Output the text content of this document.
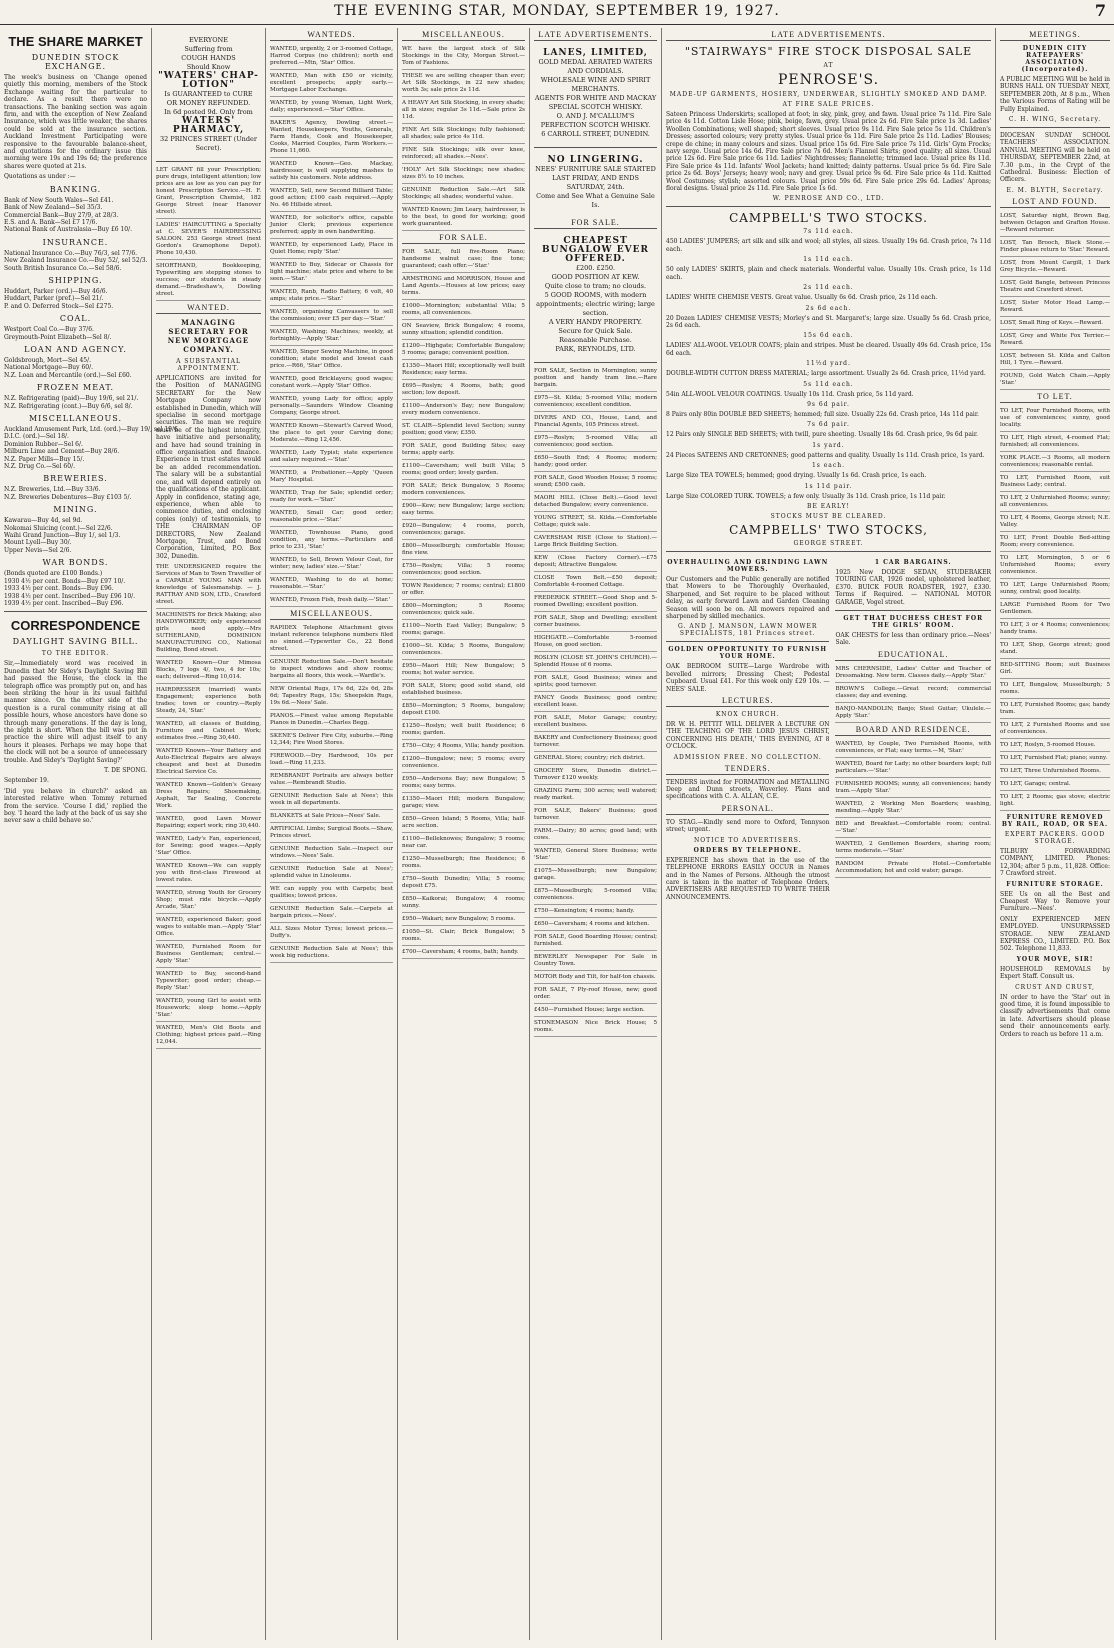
THE EVENING STAR, MONDAY, SEPTEMBER 19, 1927.	7
THE SHARE MARKET
DUNEDIN STOCK EXCHANGE.
The week's business on 'Change opened quietly this morning, members of the Stock Exchange waiting for the particular to declare. As a result there were no transactions. The banking section was again firm, and with the exception of New Zealand Insurance, which was little weaker, the shares could be sold at the insurance section. Auckland Investment Participating were responsive to the favourable balance-sheet, and quotations for the ordinary issue this morning were 19s and 19s 6d; the preference shares were quoted at 21s.
Quotations as under :—
BANKING.
Bank of New South Wales—Sel £41.
Bank of New Zealand—Sel 35/3.
Commercial Bank—Buy 27/9, at 28/3.
E.S. and A. Bank—Sel £7 17/6.
National Bank of Australasia—Buy £6 10/.
INSURANCE.
National Insurance Co.—Buy 76/3, sel 77/6.
New Zealand Insurance Co.—Buy 52/, sel 52/3.
South British Insurance Co.—Sel 58/6.
SHIPPING.
Huddart, Parker (ord.)—Buy 46/6.
Huddart, Parker (pref.)—Sel 21/.
P. and O. Deferred Stock—Sel £275.
COAL.
Westport Coal Co.—Buy 37/6.
Greymouth-Point Elizabeth—Sel 8/.
LOAN AND AGENCY.
Goldsbrough, Mort—Sel 45/.
National Mortgage—Buy 60/.
N.Z. Loan and Mercantile (ord.)—Sel £60.
FROZEN MEAT.
N.Z. Refrigerating (paid)—Buy 19/6, sel 21/.
N.Z. Refrigerating (cont.)—Buy 6/6, sel 8/.
MISCELLANEOUS.
Auckland Amusement Park, Ltd. (ord.)—Buy 19/, sel 19/6.
D.I.C. (ord.)—Sel 18/.
Dominion Rubber—Sel 6/.
Milburn Lime and Cement—Buy 28/6.
N.Z. Paper Mills—Buy 15/.
N.Z. Drug Co.—Sel 60/.
BREWERIES.
N.Z. Breweries, Ltd.—Buy 33/6.
N.Z. Breweries Debentures—Buy £103 5/.
MINING.
Kawarau—Buy 4d, sel 9d.
Nokomai Sluicing (cont.)—Sel 22/6.
Waihi Grand Junction—Buy 1/, sel 1/3.
Mount Lyell—Buy 30/.
Upper Nevis—Sel 2/6.
WAR BONDS.
(Bonds quoted are £100 Bonds.)
1930 4½ per cent. Bonds—Buy £97 10/.
1933 4½ per cent. Bonds—Buy £96.
1938 4½ per cent. Inscribed—Buy £96 10/.
1939 4½ per cent. Inscribed—Buy £96.
CORRESPONDENCE
DAYLIGHT SAVING BILL.
TO THE EDITOR.
Sir,—Immediately word was received in Dunedin that Mr Sidey's Daylight Saving Bill had passed the House, the clock in the telegraph office was promptly put on, and has been striking the hour in its usual faithful manner since. On the other side of the question is a rural community rising at all possible hours, whose ancestors have done so through many generations. If the day is long, the night is short. When the bill was put in practice the shire will adjust itself to any hours it pleases. Perhaps we may hope that the clock will not be a source of unnecessary trouble. And Sidey's 'Daylight Saving?'
T. DE SPONG.
September 19.
'Did you behave in church?' asked an interested relative when Tommy returned from the service. 'Course I did,' replied the boy. 'I heard the lady at the back of us say she never saw a child behave so.'
EVERYONE
Suffering from
COUGH HANDS
Should Know
"WATERS' CHAP-LOTION"
Is GUARANTEED to CURE
OR MONEY REFUNDED.
In 6d posted 9d. Only from
WATERS' PHARMACY,
32 PRINCES STREET (Under Secret).
LET GRANT fill your Prescription; pure drugs, intelligent attention; low prices are as low as you can pay for honest Prescription Service.—H. F. Grant, Prescription Chemist, 182 George Street (near Hanover street).
LADIES' HAIRCUTTING a Specialty at C. SEVER'S HAIRDRESSING SALOON. 253 George street (next Gordon's Gramophone Depot). Phone 10,430.
SHORTHAND, Bookkeeping, Typewriting are stepping stones to success; our students in steady demand.—Bradeshaw's, Dowling street.
WANTED.
MANAGING SECRETARY FOR NEW MORTGAGE COMPANY.
A SUBSTANTIAL APPOINTMENT.
APPLICATIONS are invited for the Position of MANAGING SECRETARY for the New Mortgage Company now established in Dunedin, which will specialise in second mortgage securities. The man we require must be of the highest integrity, have initiative and personality, and have had sound training in office organisation and finance. Experience in trust estates would be an added recommendation. The salary will be a substantial one, and will depend entirely on the qualifications of the applicant. Apply in confidence, stating age, experience, when able to commence duties, and enclosing copies (only) of testimonials, to THE CHAIRMAN OF DIRECTORS, New Zealand Mortgage, Trust, and Bond Corporation, Limited, P.O. Box 302, Dunedin.
THE UNDERSIGNED require the Services of Man to Town Traveller of a CAPABLE YOUNG MAN with knowledge of Salesmanship. — J. RATTRAY AND SON, LTD., Crawford street.
MACHINISTS for Brick Making; also HANDYWORKER; only experienced girls need apply.—Mrs SUTHERLAND, DOMINION MANUFACTURING CO., National Building, Bond street.
WANTED Known—Our Mimosa Blocks, 7 logs 4/, two, 4 for 10s; each; delivered—Ring 10,014.
HAIRDRESSER (married) wants Engagement; experience both trades; town or country.—Reply Steady, 24, 'Star.'
WANTED, all classes of Building, Furniture and Cabinet Work; estimates free.—Ring 30,440.
WANTED Known—Your Battery and Auto-Electrical Repairs are always cheapest and best at Dunedin Electrical Service Co.
WANTED Known—Golden's Greasy Dress Repairs; Shoemaking, Asphalt, Tar Sealing, Concrete Work.
WANTED, good Lawn Mower Repairing; expert work; ring 30,440.
WANTED, Lady's Fan, experienced, for Sewing; good wages.—Apply 'Star' Office.
WANTED Known—We can supply you with first-class Firewood at lowest rates.
WANTED, strong Youth for Grocery Shop; must ride bicycle.—Apply Arcade, 'Star.'
WANTED, experienced Baker; good wages to suitable man.—Apply 'Star' Office.
WANTED, Furnished Room for Business Gentleman; central.—Apply 'Star.'
WANTED to Buy, second-hand Typewriter; good order; cheap.—Reply 'Star.'
WANTED, young Girl to assist with Housework; sleep home.—Apply 'Star.'
WANTED, Men's Old Boots and Clothing; highest prices paid.—Ring 12,044.
WANTEDS.
WANTED, urgently, 2 or 3-roomed Cottage, Harrod Corpus (no children); north end preferred.—Mtn, 'Star' Office.
WANTED, Man with £50 or vicinity, excellent prospects; apply early.—Mortgage Labor Exchange.
WANTED, by young Woman, Light Work, daily; experienced.—'Star' Office.
BAKER'S Agency, Dowling street.—Wanted, Housekeepers, Youths, Generals, Farm Hands, Cook and Housekeeper, Cooks, Married Couples, Farm Workers.—Phone 11,660.
WANTED Known—Geo. Mackay, hairdresser, is well supplying mashes to satisfy his customers. Note address.
WANTED, Sell, new Second Billiard Table; good action; £100 cash required.—Apply No. 46 Hillside street.
WANTED, for solicitor's office, capable Junior Clerk; previous experience preferred; apply in own handwriting.
WANTED, by experienced Lady, Place in Quiet Home; reply 'Star.'
WANTED to Buy, Sidecar or Chassis for light machine; state price and where to be seen.—'Star.'
WANTED, Ranb, Radio Battery, 6 volt, 40 amps; state price.—'Star.'
WANTED, organising Canvassers to sell the commission; over £5 per day.—'Star.'
WANTED, Washing; Machines; weekly, at fortnightly.—Apply 'Star.'
WANTED, Singer Sewing Machine, in good condition; state model and lowest cash price.—R66, 'Star' Office.
WANTED, good Bricklayers; good wages; constant work.—Apply 'Star' Office.
WANTED, young Lady for office; apply personally.—Saunders Window Cleaning Company, George street.
WANTED Known—Stewart's Carved Wood, the place to get your Carving done; Moderate.—Ring 12,456.
WANTED, Lady Typist; state experience and salary required.—'Star.'
WANTED, a Probationer.—Apply 'Queen Mary' Hospital.
WANTED, Trap for Sale; splendid order; ready for work.—'Star.'
WANTED, Small Car; good order; reasonable price.—'Star.'
WANTED, Townhouse Piano, good condition, any terms.—Particulars and price to 231, 'Star.'
WANTED, to Sell, Brown Velour Coat, for winter; new, ladies' size.—'Star.'
WANTED, Washing to do at home; reasonable.—'Star.'
WANTED, Frozen Fish, fresh daily.—'Star.'
MISCELLANEOUS.
RAPIDEX Telephone Attachment gives instant reference telephone numbers filed no sinned.—Typewriter Co., 22 Bond street.
GENUINE Reduction Sale.—Don't hesitate to inspect windows and show rooms; bargains all floors, this week.—Wardle's.
NEW Oriental Rugs, 17s 6d, 22s 6d, 28s 6d; Tapestry Rugs, 15s; Sheepskin Rugs, 19s 6d.—Nees' Sale.
PIANOS.—Finest value among Reputable Pianos in Dunedin.—Charles Begg.
SKENE'S Deliver Fire City, suburbs.—Ring 12,344; Fire Wood Stores.
FIREWOOD.—Dry Hardwood, 10s per load.—Ring 11,233.
REMBRANDT Portraits are always better value.—Rembrandt Studio.
GENUINE Reduction Sale at Nees'; this week in all departments.
BLANKETS at Sale Prices—Nees' Sale.
ARTIFICIAL Limbs; Surgical Boots.—Shaw, Princes street.
GENUINE Reduction Sale.—Inspect our windows.—Nees' Sale.
GENUINE Reduction Sale at Nees'; splendid value in Linoleums.
WE can supply you with Carpets; best qualities; lowest prices.
GENUINE Reduction Sale.—Carpets at bargain prices.—Nees'.
ALL Sizes Motor Tyres; lowest prices.—Duffy's.
GENUINE Reduction Sale at Nees'; this week big reductions.
MISCELLANEOUS.
WE have the largest stock of Silk Stockings in the City, Morgan Street.—Tom of Fashions.
THESE we are selling cheaper than ever; Art Silk Stockings, in 22 new shades; worth 3s; sale price 2s 11d.
A HEAVY Art Silk Stocking, in every shade; all in sizes; regular 3s 11d.—Sale price 2s 11d.
FINE Art Silk Stockings; fully fashioned; all shades; sale price 4s 11d.
FINE Silk Stockings; silk over knee, reinforced; all shades.—Nees'.
'HOLY' Art Silk Stockings; new shades; sizes 8½ to 10 inches.
GENUINE Reduction Sale.—Art Silk Stockings; all shades; wonderful value.
WANTED Known; Jim Leary, hairdresser, is to the best, to good for working; good work guaranteed.
FOR SALE.
FOR SALE, full five-Room Piano; handsome walnut case; fine tone; guaranteed; cash offer.—'Star.'
ARMSTRONG and MORRISON, House and Land Agents.—Houses at low prices; easy terms.
£1000—Mornington; substantial Villa; 5 rooms, all conveniences.
ON Seaview, Brick Bungalow; 4 rooms, sunny situation; splendid condition.
£1200—Highgate; Comfortable Bungalow; 5 rooms; garage; convenient position.
£1350—Maori Hill; exceptionally well built Residence; easy terms.
£695—Roslyn; 4 Rooms, bath; good section; low deposit.
£1100—Anderson's Bay; new Bungalow; every modern convenience.
ST. CLAIR—Splendid level Section; sunny position; good view; £350.
FOR SALE, good Building Sites; easy terms; apply early.
£1100—Caversham; well built Villa; 5 rooms; good order; lovely garden.
FOR SALE; Brick Bungalow, 5 Rooms; modern conveniences.
£900—Kew; new Bungalow; large section; easy terms.
£920—Bungalow; 4 rooms, porch, conveniences; garage.
£800—Musselburgh; comfortable House; fine view.
£750—Roslyn; Villa; 5 rooms; conveniences; good section.
TOWN Residence; 7 rooms; central; £1800 or offer.
£800—Mornington; 5 Rooms; conveniences; quick sale.
£1100—North East Valley; Bungalow; 5 rooms; garage.
£1000—St. Kilda; 5 Rooms, Bungalow; conveniences.
£950—Maori Hill; New Bungalow; 5 rooms; hot water service.
FOR SALE, Store; good solid stand, old established business.
£850—Mornington; 5 Rooms, bungalow; deposit £100.
£1250—Roslyn; well built Residence; 6 rooms; garden.
£750—City; 4 Rooms, Villa; handy position.
£1200—Bungalow; new; 5 rooms; every convenience.
£950—Andersons Bay; new Bungalow; 5 rooms; easy terms.
£1350—Maori Hill; modern Bungalow; garage; view.
£850—Green Island; 5 Rooms, Villa; half-acre section.
£1100—Belleknowes; Bungalow; 5 rooms; near car.
£1250—Musselburgh; fine Residence; 6 rooms.
£750—South Dunedin; Villa; 5 rooms; deposit £75.
£850—Kaikorai; Bungalow; 4 rooms; sunny.
£950—Wakari; new Bungalow; 5 rooms.
£1050—St. Clair; Brick Bungalow; 5 rooms.
£700—Caversham; 4 rooms, bath; handy.
LATE ADVERTISEMENTS.
LANES, LIMITED,
GOLD MEDAL AERATED WATERS AND CORDIALS.
WHOLESALE WINE AND SPIRIT MERCHANTS.
AGENTS FOR WHITE AND MACKAY SPECIAL SCOTCH WHISKY.
O. AND J. M'CALLUM'S PERFECTION SCOTCH WHISKY.
6 CARROLL STREET, DUNEDIN.
NO LINGERING.
NEES' FURNITURE SALE STARTED LAST FRIDAY, AND ENDS SATURDAY, 24th.
Come and See What a Genuine Sale Is.
FOR SALE.
CHEAPEST BUNGALOW EVER OFFERED.
£200. £250.
GOOD POSITION AT KEW.
Quite close to tram; no clouds.
5 GOOD ROOMS, with modern appointments; electric wiring; large section.
A VERY HANDY PROPERTY.
Secure for Quick Sale.
Reasonable Purchase.
PARK, REYNOLDS, LTD.
FOR SALE, Section in Mornington; sunny position and handy tram line.—Rare bargain.
£975—St. Kilda; 5-roomed Villa; modern conveniences; excellent condition.
DIVERS AND CO., House, Land, and Financial Agents, 105 Princes street.
£975—Roslyn; 5-roomed Villa; all conveniences; good section.
£650—South End; 4 Rooms; modern; handy; good order.
FOR SALE, Good Wooden House; 5 rooms; sound; £500 cash.
MAORI HILL (Close Belt).—Good level detached Bungalow; every convenience.
YOUNG STREET, St. Kilda.—Comfortable Cottage; quick sale.
CAVERSHAM RISE (Close to Station).—Large Brick Building Section.
KEW (Close Factory Corner).—£75 deposit; Attractive Bungalow.
CLOSE Town Belt.—£50 deposit; Comfortable 4-roomed Cottage.
FREDERICK STREET.—Good Shop and 5-roomed Dwelling; excellent position.
FOR SALE, Shop and Dwelling; excellent corner business.
HIGHGATE.—Comfortable 5-roomed House, on good section.
ROSLYN (CLOSE ST. JOHN'S CHURCH).—Splendid House of 6 rooms.
FOR SALE, Good Business; wines and spirits; good turnover.
FANCY Goods Business; good centre; excellent lease.
FOR SALE, Motor Garage; country; excellent business.
BAKERY and Confectionery Business; good turnover.
GENERAL Store; country; rich district.
GROCERY Store, Dunedin district.—Turnover £120 weekly.
GRAZING Farm; 300 acres; well watered; ready market.
FOR SALE, Bakers' Business; good turnover.
FARM.—Dairy; 80 acres; good land; with cows.
WANTED, General Store Business; write 'Star.'
£1075—Musselburgh; new Bungalow; garage.
£875—Musselburgh; 5-roomed Villa; conveniences.
£750—Kensington; 4 rooms; handy.
£650—Caversham; 4 rooms and kitchen.
FOR SALE, Good Boarding House; central; furnished.
BEWERLEY Newspaper For Sale in Country Town.
MOTOR Body and Tilt, for half-ton chassis.
FOR SALE, 7 Ply-roof House, new; good order.
£450—Furnished House; large section.
STONEMASON Nice Brick House; 5 rooms.
LATE ADVERTISEMENTS.
"STAIRWAYS" FIRE STOCK DISPOSAL SALE
AT
PENROSE'S.
MADE-UP GARMENTS, HOSIERY, UNDERWEAR, SLIGHTLY SMOKED AND DAMP.
AT FIRE SALE PRICES.
Sateen Princess Underskirts; scalloped at foot; in sky, pink, grey, and fawn. Usual price 7s 11d. Fire Sale price 4s 11d. Cotton Lisle Hose; pink, beige, fawn, grey. Usual price 2s 6d. Fire Sale price 1s 3d. Ladies' Woollen Combinations; well shaped; short sleeves. Usual price 9s 11d. Fire Sale price 5s 11d. Children's Dresses; assorted colours; very pretty styles. Usual price 6s 11d. Fire Sale price 2s 11d. Ladies' Blouses; crepe de chine; in many colours and sizes. Usual price 15s 6d. Fire Sale price 7s 11d. Girls' Gym Frocks; navy serge. Usual price 14s 6d. Fire Sale price 7s 6d. Men's Flannel Shirts; good quality; all sizes. Usual price 12s 6d. Fire Sale price 6s 11d. Ladies' Nightdresses; flannelette; trimmed lace. Usual price 8s 11d. Fire Sale price 4s 11d. Infants' Wool Jackets; hand knitted; dainty patterns. Usual price 5s 6d. Fire Sale price 2s 6d. Boys' Jerseys; heavy wool; navy and grey. Usual price 9s 6d. Fire Sale price 4s 11d. Knitted Wool Costumes; stylish; assorted colours. Usual price 59s 6d. Fire Sale price 29s 6d. Ladies' Aprons; floral designs. Usual price 2s 11d. Fire Sale price 1s 6d.
W. PENROSE AND CO., LTD.
CAMPBELL'S TWO STOCKS.
7s 11d each.
450 LADIES' JUMPERS; art silk and silk and wool; all styles, all sizes. Usually 19s 6d. Crash price, 7s 11d each.
1s 11d each.
50 only LADIES' SKIRTS, plain and check materials. Wonderful value. Usually 10s. Crash price, 1s 11d each.
2s 11d each.
LADIES' WHITE CHEMISE VESTS. Great value. Usually 6s 6d. Crash price, 2s 11d each.
2s 6d each.
20 Dozen LADIES' CHEMISE VESTS; Morley's and St. Margaret's; large size. Usually 5s 6d. Crash price, 2s 6d each.
15s 6d each.
LADIES' ALL-WOOL VELOUR COATS; plain and stripes. Must be cleared. Usually 49s 6d. Crash price, 15s 6d each.
11½d yard.
DOUBLE-WIDTH CUTTON DRESS MATERIAL; large assortment. Usually 2s 6d. Crash price, 11½d yard.
5s 11d each.
54in ALL-WOOL VELOUR COATINGS. Usually 10s 11d. Crash price, 5s 11d yard.
9s 6d pair.
8 Pairs only 80in DOUBLE BED SHEETS; hemmed; full size. Usually 22s 6d. Crash price, 14s 11d pair.
7s 6d pair.
12 Pairs only SINGLE BED SHEETS; with twill, pure sheeting. Usually 18s 6d. Crash price, 9s 6d pair.
1s yard.
24 Pieces SATEENS AND CRETONNES; good patterns and quality. Usually 1s 11d. Crash price, 1s yard.
1s each.
Large Size TEA TOWELS; hemmed; good drying. Usually 1s 6d. Crash price, 1s each.
1s 11d pair.
Large Size COLORED TURK. TOWELS; a few only. Usually 3s 11d. Crash price, 1s 11d pair.
BE EARLY!
STOCKS MUST BE CLEARED.
CAMPBELLS' TWO STOCKS,
GEORGE STREET.
OVERHAULING AND GRINDING LAWN MOWERS.
Our Customers and the Public generally are notified that Mowers to be Thoroughly Overhauled, Sharpened, and Set require to be placed without delay, as early forward Lawn and Garden Cleaning Season will soon be on. All mowers repaired and sharpened by skilled mechanics.
G. AND J. MANSON, LAWN MOWER SPECIALISTS, 181 Princes street.
GOLDEN OPPORTUNITY TO FURNISH YOUR HOME.
OAK BEDROOM SUITE—Large Wardrobe with bevelled mirrors; Dressing Chest; Pedestal Cupboard. Usual £41. For this week only £29 10s. — NEES' SALE.
LECTURES.
KNOX CHURCH.
DR W. H. PETTIT WILL DELIVER A LECTURE ON 'THE TEACHING OF THE LORD JESUS CHRIST, CONCERNING HIS DEATH,' THIS EVENING, AT 8 O'CLOCK.
ADMISSION FREE. NO COLLECTION.
TENDERS.
TENDERS invited for FORMATION and METALLING Deep and Dunn streets, Waverley. Plans and specifications with C. A. ALLAN, C.E.
PERSONAL.
TO STAG.—Kindly send more to Oxford, Tennyson street; urgent.
NOTICE TO ADVERTISERS.
ORDERS BY TELEPHONE.
EXPERIENCE has shown that in the use of the TELEPHONE ERRORS EASILY OCCUR in Names and in the Names of Persons. Although the utmost care is taken in the matter of Telephone Orders, ADVERTISERS ARE REQUESTED TO WRITE THEIR ANNOUNCEMENTS.
1 CAR BARGAINS.
1925 New DODGE SEDAN, STUDEBAKER TOURING CAR, 1926 model, upholstered leather, £370. BUICK FOUR ROADSTER, 1927, £330. Terms if Required. — NATIONAL MOTOR GARAGE, Vogel street.
GET THAT DUCHESS CHEST FOR THE GIRLS' ROOM.
OAK CHESTS for less than ordinary price.—Nees' Sale.
EDUCATIONAL.
MRS CHERNSIDE, Ladies' Cutter and Teacher of Dressmaking. New term. Classes daily.—Apply 'Star.'
BROWN'S College.—Great record; commercial classes; day and evening.
BANJO-MANDOLIN; Banjo; Steel Guitar; Ukulele.—Apply 'Star.'
BOARD AND RESIDENCE.
WANTED, by Couple, Two Furnished Rooms, with conveniences, or Flat; easy terms.—M, 'Star.'
WANTED, Board for Lady; no other boarders kept; full particulars.—'Star.'
FURNISHED ROOMS; sunny, all conveniences; handy tram.—Apply 'Star.'
WANTED, 2 Working Men Boarders; washing, mending.—Apply 'Star.'
BED and Breakfast.—Comfortable room; central.—'Star.'
WANTED, 2 Gentlemen Boarders, sharing room; terms moderate.—'Star.'
RANDOM Private Hotel.—Comfortable Accommodation; hot and cold water; garage.
MEETINGS.
DUNEDIN CITY RATEPAYERS' ASSOCIATION (Incorporated).
A PUBLIC MEETING Will be held in BURNS HALL ON TUESDAY NEXT, SEPTEMBER 20th, At 8 p.m., When the Various Forms of Rating will be Fully Explained.
C. H. WING, Secretary.
DIOCESAN SUNDAY SCHOOL TEACHERS' ASSOCIATION. ANNUAL MEETING will be held on THURSDAY, SEPTEMBER 22nd, at 7.30 p.m., in the Crypt of the Cathedral. Business: Election of Officers.
E. M. BLYTH, Secretary.
LOST AND FOUND.
LOST, Saturday night, Brown Bag, between Octagon and Grafton House.—Reward returner.
LOST, Tan Brooch, Black Stone.—Finder please return to 'Star.' Reward.
LOST, from Mount Cargill, 1 Dark Grey Bicycle.—Reward.
LOST, Gold Bangle, between Princess Theatre and Crawford street.
LOST, Sister Motor Head Lamp.—Reward.
LOST, Small Ring of Keys.—Reward.
LOST, Grey and White Fox Terrier.—Reward.
LOST, between St. Kilda and Calton Hill, 1 Tyre.—Reward.
FOUND, Gold Watch Chain.—Apply 'Star.'
TO LET.
TO LET, Four Furnished Rooms, with use of conveniences; sunny, good locality.
TO LET, High street, 4-roomed Flat; furnished; all conveniences.
YORK PLACE.—3 Rooms, all modern conveniences; reasonable rental.
TO LET, Furnished Room, suit Business Lady; central.
TO LET, 2 Unfurnished Rooms; sunny; all conveniences.
TO LET, 4 Rooms, George street; N.E. Valley.
TO LET, Front Double Bed-sitting Room; every convenience.
TO LET, Mornington, 5 or 6 Unfurnished Rooms; every convenience.
TO LET, Large Unfurnished Room; sunny, central; good locality.
LARGE Furnished Room for Two Gentlemen.
TO LET, 3 or 4 Rooms; conveniences; handy trams.
TO LET, Shop, George street; good stand.
BED-SITTING Room; suit Business Girl.
TO LET, Bungalow, Musselburgh; 5 rooms.
TO LET, Furnished Rooms; gas; handy tram.
TO LET, 2 Furnished Rooms and use of conveniences.
TO LET, Roslyn, 5-roomed House.
TO LET, Furnished Flat; piano; sunny.
TO LET, Three Unfurnished Rooms.
TO LET, Garage; central.
TO LET, 2 Rooms; gas stove; electric light.
FURNITURE REMOVED BY RAIL, ROAD, OR SEA.
EXPERT PACKERS. GOOD STORAGE.
TILBURY FORWARDING COMPANY, LIMITED. Phones: 12,304; after 5 p.m., 11,828. Office: 7 Crawford street.
FURNITURE STORAGE.
SEE Us on all the Best and Cheapest Way to Remove your Furniture.—Nees'.
ONLY EXPERIENCED MEN EMPLOYED. UNSURPASSED STORAGE. NEW ZEALAND EXPRESS CO., LIMITED. P.O. Box 502. Telephone 11,833.
YOUR MOVE, SIR!
HOUSEHOLD REMOVALS by Expert Staff. Consult us.
CRUST AND CRUST,
IN order to have the 'Star' out in good time, it is found impossible to classify advertisements that come in late. Advertisers should please send their announcements early. Orders to reach us before 11 a.m.
